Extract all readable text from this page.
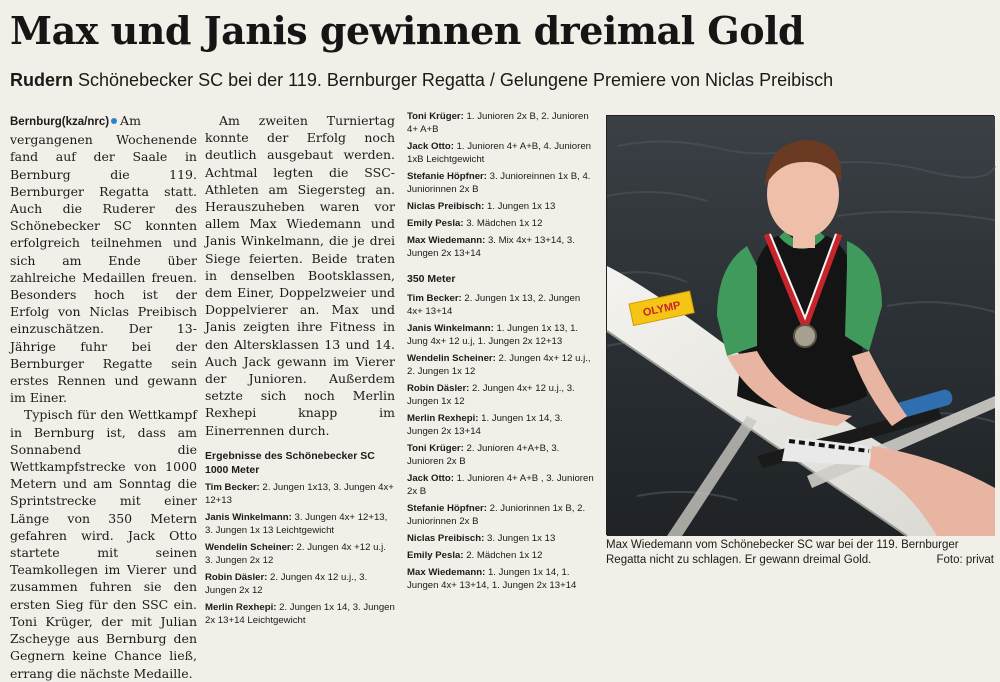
Max und Janis gewinnen dreimal Gold
Rudern Schönebecker SC bei der 119. Bernburger Regatta / Gelungene Premiere von Niclas Preibisch

Bernburg(kza/nrc) Am vergangenen Wochenende fand auf der Saale in Bernburg die 119. Bernburger Regatta statt. Auch die Ruderer des Schönebecker SC konnten erfolgreich teilnehmen und sich am Ende über zahlreiche Medaillen freuen. Besonders hoch ist der Erfolg von Niclas Preibisch einzuschätzen. Der 13-Jährige fuhr bei der Bernburger Regatte sein erstes Rennen und gewann im Einer.

Typisch für den Wettkampf in Bernburg ist, dass am Sonnabend die Wettkampfstrecke von 1000 Metern und am Sonntag die Sprintstrecke mit einer Länge von 350 Metern gefahren wird. Jack Otto startete mit seinen Teamkollegen im Vierer und zusammen fuhren sie den ersten Sieg für den SSC ein. Toni Krüger, der mit Julian Zscheyge aus Bernburg den Gegnern keine Chance ließ, errang die nächste Medaille.

Am zweiten Turniertag konnte der Erfolg noch deutlich ausgebaut werden. Achtmal legten die SSC-Athleten am Siegersteg an. Herauszuheben waren vor allem Max Wiedemann und Janis Winkelmann, die je drei Siege feierten. Beide traten in denselben Bootsklassen, dem Einer, Doppelzweier und Doppelvierer an. Max und Janis zeigten ihre Fitness in den Altersklassen 13 und 14. Auch Jack gewann im Vierer der Junioren. Außerdem setzte sich noch Merlin Rexhepi knapp im Einerrennen durch.

Ergebnisse des Schönebecker SC
1000 Meter
Tim Becker: 2. Jungen 1x13, 3. Jungen 4x+ 12+13
Janis Winkelmann: 3. Jungen 4x+ 12+13, 3. Jungen 1x 13 Leichtgewicht
Wendelin Scheiner: 2. Jungen 4x +12 u.j. 3. Jungen 2x 12
Robin Däsler: 2. Jungen 4x 12 u.j., 3. Jungen 2x 12
Merlin Rexhepi: 2. Jungen 1x 14, 3. Jungen 2x 13+14 Leichtgewicht
Toni Krüger: 1. Junioren 2x B, 2. Junioren 4+ A+B
Jack Otto: 1. Junioren 4+ A+B, 4. Junioren 1xB Leichtgewicht
Stefanie Höpfner: 3. Junioreinnen 1x B, 4. Juniorinnen 2x B
Niclas Preibisch: 1. Jungen 1x 13
Emily Pesla: 3. Mädchen 1x 12
Max Wiedemann: 3. Mix 4x+ 13+14, 3. Jungen 2x 13+14
350 Meter
Tim Becker: 2. Jungen 1x 13, 2. Jungen 4x+ 13+14
Janis Winkelmann: 1. Jungen 1x 13, 1. Jung 4x+ 12 u.j, 1. Jungen 2x 12+13
Wendelin Scheiner: 2. Jungen 4x+ 12 u.j., 2. Jungen 1x 12
Robin Däsler: 2. Jungen 4x+ 12 u.j., 3. Jungen 1x 12
Merlin Rexhepi: 1. Jungen 1x 14, 3. Jungen 2x 13+14
Toni Krüger: 2. Junioren 4+A+B, 3. Junioren 2x B
Jack Otto: 1. Junioren 4+ A+B , 3. Junioren 2x B
Stefanie Höpfner: 2. Juniorinnen 1x B, 2. Juniorinnen 2x B
Niclas Preibisch: 3. Jungen 1x 13
Emily Pesla: 2. Mädchen 1x 12
Max Wiedemann: 1. Jungen 1x 14, 1. Jungen 4x+ 13+14, 1. Jungen 2x 13+14
OLYMP
Max Wiedemann vom Schönebecker SC war bei der 119. Bernburger Regatta nicht zu schlagen. Er gewann dreimal Gold.	Foto: privat
